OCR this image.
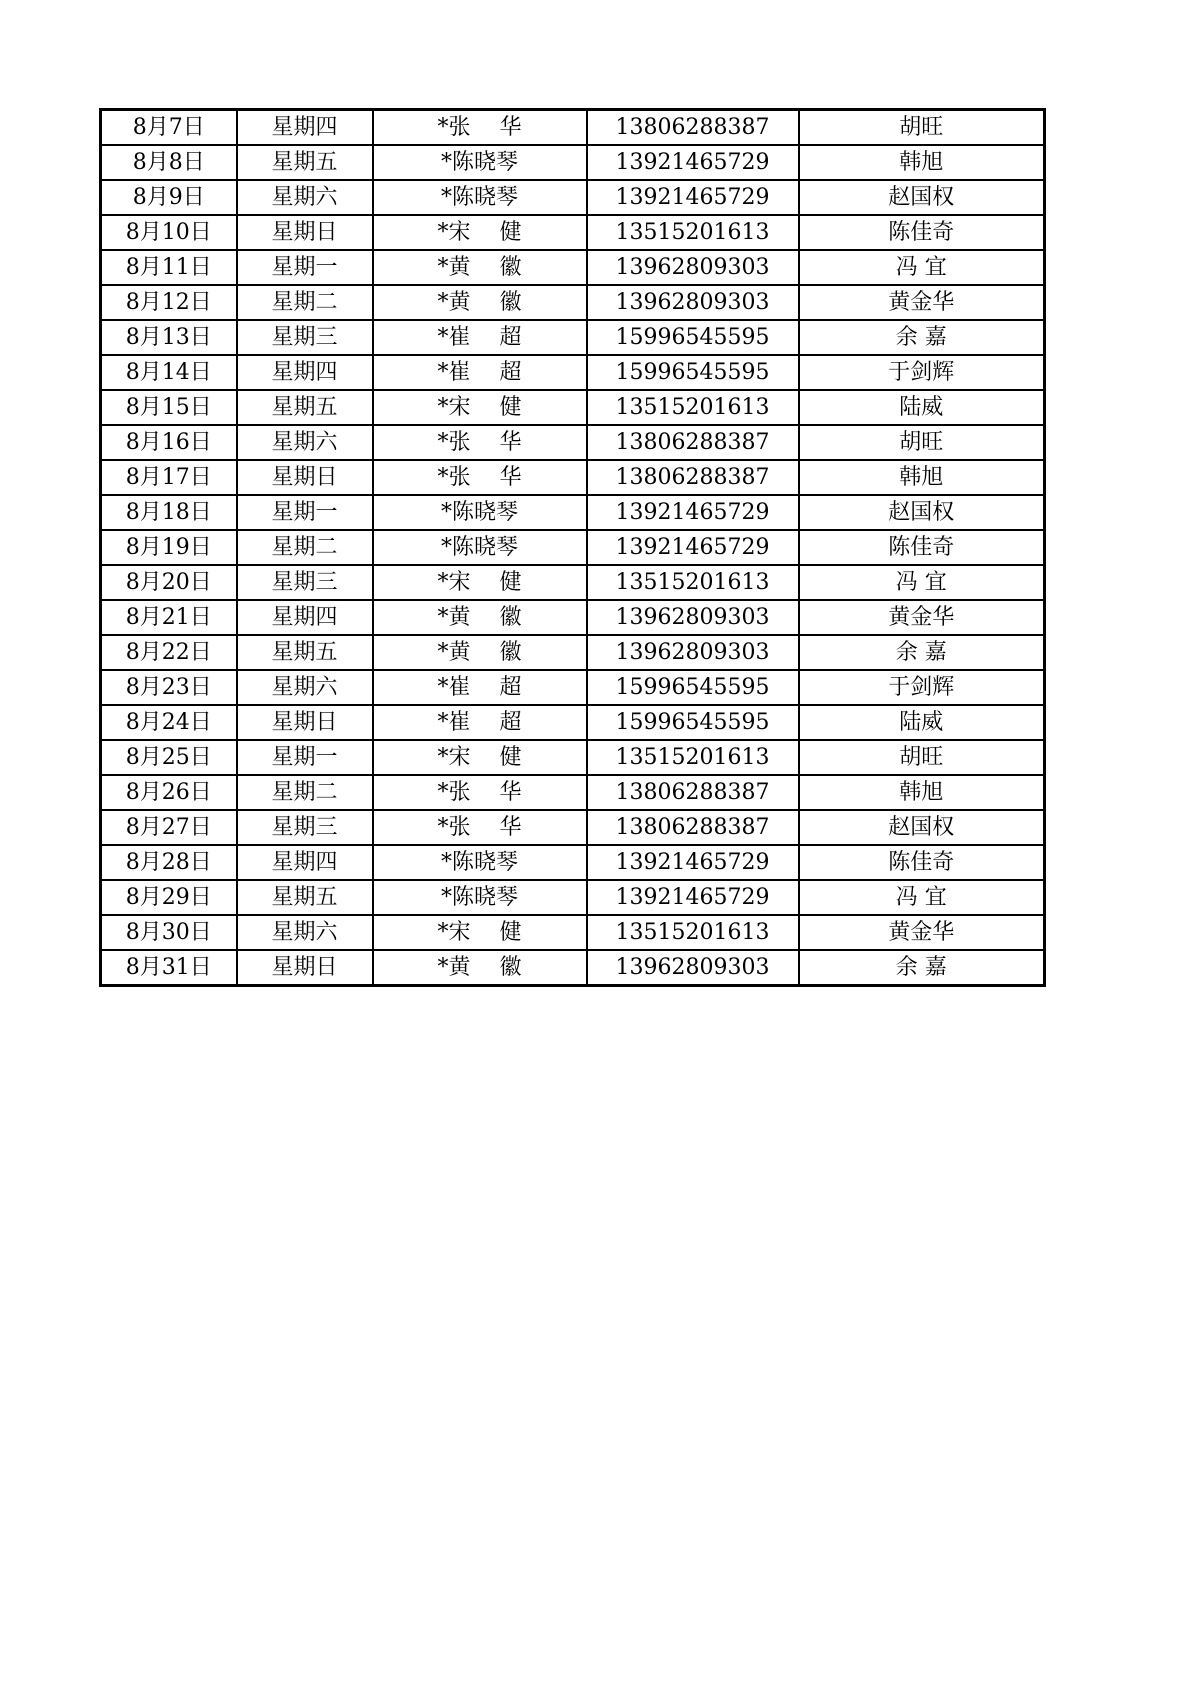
8月7日	星期四	*张　 华	13806288387	胡旺
8月8日	星期五	*陈晓琴	13921465729	韩旭
8月9日	星期六	*陈晓琴	13921465729	赵国权
8月10日	星期日	*宋　 健	13515201613	陈佳奇
8月11日	星期一	*黄　 徽	13962809303	冯 宜
8月12日	星期二	*黄　 徽	13962809303	黄金华
8月13日	星期三	*崔　 超	15996545595	余 嘉
8月14日	星期四	*崔　 超	15996545595	于剑辉
8月15日	星期五	*宋　 健	13515201613	陆威
8月16日	星期六	*张　 华	13806288387	胡旺
8月17日	星期日	*张　 华	13806288387	韩旭
8月18日	星期一	*陈晓琴	13921465729	赵国权
8月19日	星期二	*陈晓琴	13921465729	陈佳奇
8月20日	星期三	*宋　 健	13515201613	冯 宜
8月21日	星期四	*黄　 徽	13962809303	黄金华
8月22日	星期五	*黄　 徽	13962809303	余 嘉
8月23日	星期六	*崔　 超	15996545595	于剑辉
8月24日	星期日	*崔　 超	15996545595	陆威
8月25日	星期一	*宋　 健	13515201613	胡旺
8月26日	星期二	*张　 华	13806288387	韩旭
8月27日	星期三	*张　 华	13806288387	赵国权
8月28日	星期四	*陈晓琴	13921465729	陈佳奇
8月29日	星期五	*陈晓琴	13921465729	冯 宜
8月30日	星期六	*宋　 健	13515201613	黄金华
8月31日	星期日	*黄　 徽	13962809303	余 嘉
